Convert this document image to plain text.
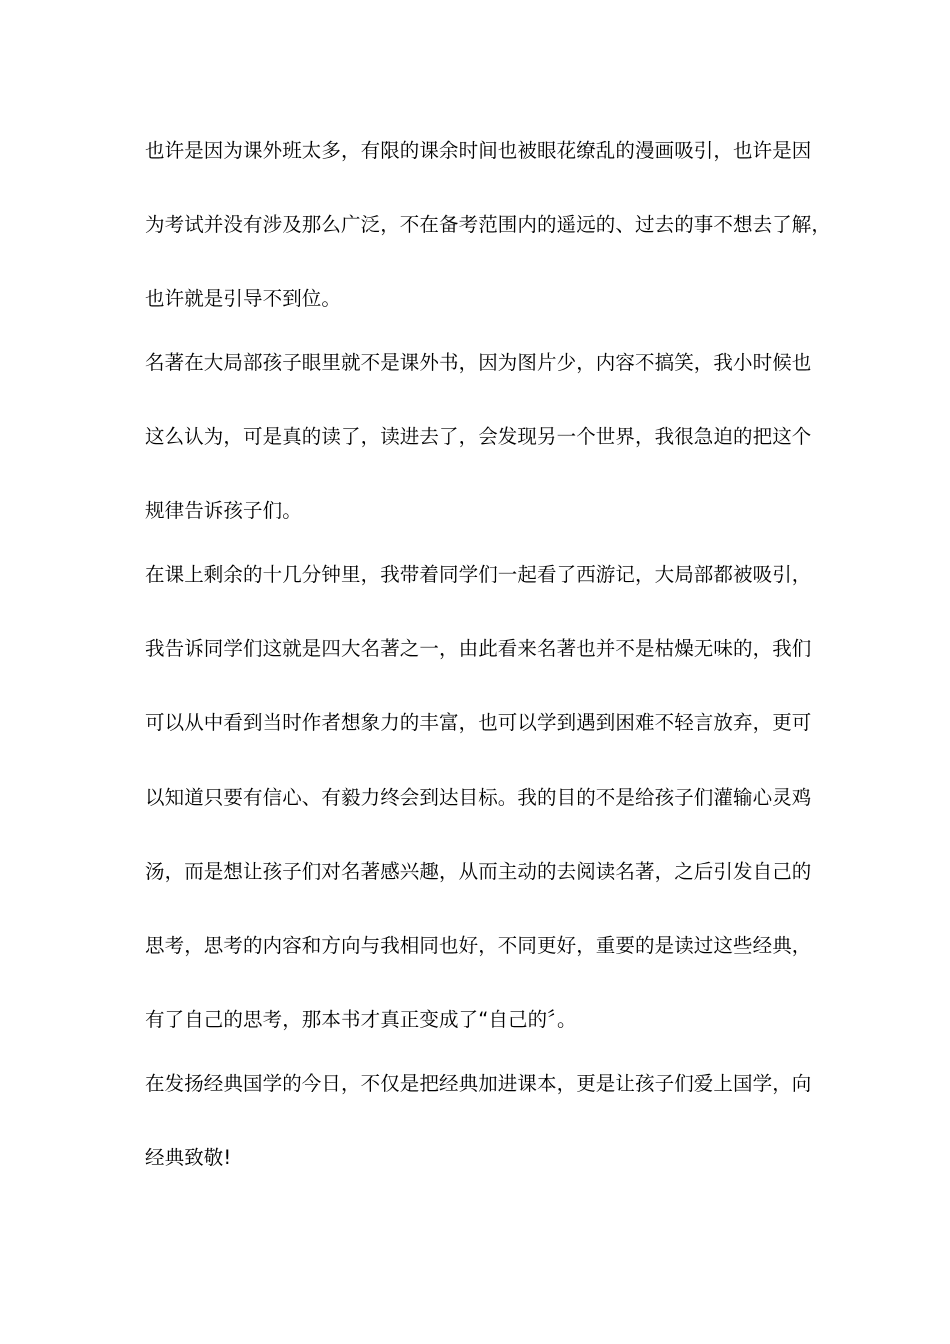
也许是因为课外班太多，有限的课余时间也被眼花缭乱的漫画吸引，也许是因
为考试并没有涉及那么广泛，不在备考范围内的遥远的、过去的事不想去了解，
也许就是引导不到位。
名著在大局部孩子眼里就不是课外书，因为图片少，内容不搞笑，我小时候也
这么认为，可是真的读了，读进去了，会发现另一个世界，我很急迫的把这个
规律告诉孩子们。
在课上剩余的十几分钟里，我带着同学们一起看了西游记，大局部都被吸引，
我告诉同学们这就是四大名著之一，由此看来名著也并不是枯燥无味的，我们
可以从中看到当时作者想象力的丰富，也可以学到遇到困难不轻言放弃，更可
以知道只要有信心、有毅力终会到达目标。我的目的不是给孩子们灌输心灵鸡
汤，而是想让孩子们对名著感兴趣，从而主动的去阅读名著，之后引发自己的
思考，思考的内容和方向与我相同也好，不同更好，重要的是读过这些经典，
有了自己的思考，那本书才真正变成了“自己的〞。
在发扬经典国学的今日，不仅是把经典加进课本，更是让孩子们爱上国学，向
经典致敬!
